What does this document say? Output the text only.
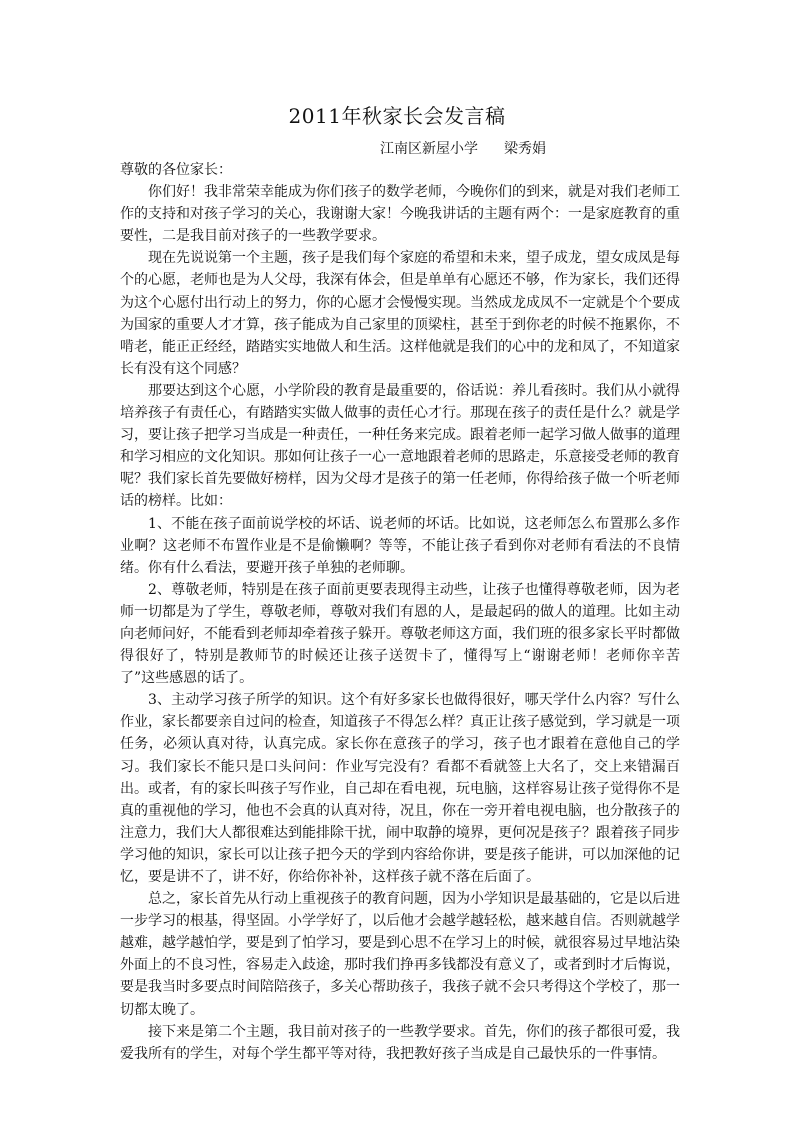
2011年秋家长会发言稿
江南区新屋小学 梁秀娟

尊敬的各位家长：

你们好！我非常荣幸能成为你们孩子的数学老师，今晚你们的到来，就是对我们老师工作的支持和对孩子学习的关心，我谢谢大家！今晚我讲话的主题有两个：一是家庭教育的重要性，二是我目前对孩子的一些教学要求。

现在先说说第一个主题，孩子是我们每个家庭的希望和未来，望子成龙，望女成凤是每个的心愿，老师也是为人父母，我深有体会，但是单单有心愿还不够，作为家长，我们还得为这个心愿付出行动上的努力，你的心愿才会慢慢实现。当然成龙成凤不一定就是个个要成为国家的重要人才才算，孩子能成为自己家里的顶梁柱，甚至于到你老的时候不拖累你，不啃老，能正正经经，踏踏实实地做人和生活。这样他就是我们的心中的龙和凤了，不知道家长有没有这个同感？

那要达到这个心愿，小学阶段的教育是最重要的，俗话说：养儿看孩时。我们从小就得培养孩子有责任心，有踏踏实实做人做事的责任心才行。那现在孩子的责任是什么？就是学习，要让孩子把学习当成是一种责任，一种任务来完成。跟着老师一起学习做人做事的道理和学习相应的文化知识。那如何让孩子一心一意地跟着老师的思路走，乐意接受老师的教育呢？我们家长首先要做好榜样，因为父母才是孩子的第一任老师，你得给孩子做一个听老师话的榜样。比如：

1、不能在孩子面前说学校的坏话、说老师的坏话。比如说，这老师怎么布置那么多作业啊？这老师不布置作业是不是偷懒啊？等等，不能让孩子看到你对老师有看法的不良情绪。你有什么看法，要避开孩子单独的老师聊。

2、尊敬老师，特别是在孩子面前更要表现得主动些，让孩子也懂得尊敬老师，因为老师一切都是为了学生，尊敬老师，尊敬对我们有恩的人，是最起码的做人的道理。比如主动向老师问好，不能看到老师却牵着孩子躲开。尊敬老师这方面，我们班的很多家长平时都做得很好了，特别是教师节的时候还让孩子送贺卡了，懂得写上“谢谢老师！老师你辛苦了”这些感恩的话了。

3、主动学习孩子所学的知识。这个有好多家长也做得很好，哪天学什么内容？写什么作业，家长都要亲自过问的检查，知道孩子不得怎么样？真正让孩子感觉到，学习就是一项任务，必须认真对待，认真完成。家长你在意孩子的学习，孩子也才跟着在意他自己的学习。我们家长不能只是口头问问：作业写完没有？看都不看就签上大名了，交上来错漏百出。或者，有的家长叫孩子写作业，自己却在看电视，玩电脑，这样容易让孩子觉得你不是真的重视他的学习，他也不会真的认真对待，况且，你在一旁开着电视电脑，也分散孩子的注意力，我们大人都很难达到能排除干扰，闹中取静的境界，更何况是孩子？跟着孩子同步学习他的知识，家长可以让孩子把今天的学到内容给你讲，要是孩子能讲，可以加深他的记忆，要是讲不了，讲不好，你给你补补，这样孩子就不落在后面了。

总之，家长首先从行动上重视孩子的教育问题，因为小学知识是最基础的，它是以后进一步学习的根基，得坚固。小学学好了，以后他才会越学越轻松，越来越自信。否则就越学越难，越学越怕学，要是到了怕学习，要是到心思不在学习上的时候，就很容易过早地沾染外面上的不良习性，容易走入歧途，那时我们挣再多钱都没有意义了，或者到时才后悔说，要是我当时多要点时间陪陪孩子，多关心帮助孩子，我孩子就不会只考得这个学校了，那一切都太晚了。

接下来是第二个主题，我目前对孩子的一些教学要求。首先，你们的孩子都很可爱，我爱我所有的学生，对每个学生都平等对待，我把教好孩子当成是自己最快乐的一件事情。
